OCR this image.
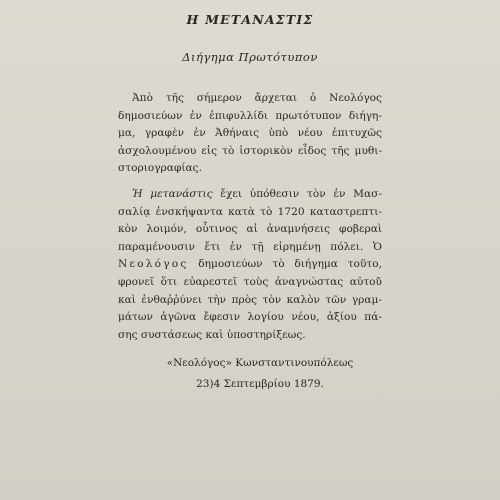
Η ΜΕΤΑΝΑΣΤΙΣ
Διήγημα Πρωτότυπον
Ἀπὸ τῆς σήμερον ἄρχεται ὁ Νεολόγος
δημοσιεύων ἐν ἐπιφυλλίδι πρωτότυπον διήγη-
μα, γραφὲν ἐν Ἀθήναις ὑπὸ νέου ἐπιτυχῶς
ἀσχολουμένου εἰς τὸ ἱστορικὸν εἶδος τῆς μυθι-
στοριογραφίας.
Ἡ μετανάστις ἔχει ὑπόθεσιν τὸν ἐν Μασ-
σαλίᾳ ἐνσκήψαντα κατὰ τὸ 1720 καταστρεπτι-
κὸν λοιμόν, οὗτινος αἱ ἀναμνήσεις φοβεραὶ
παραμένουσιν ἔτι ἐν τῇ εἰρημένῃ πόλει. Ὁ
Νεολόγος δημοσιεύων τὸ διήγημα τοῦτο,
φρονεῖ ὅτι εὐαρεστεῖ τοὺς ἀναγνώστας αὐτοῦ
καὶ ἐνθαῤῥύνει τὴν πρὸς τὸν καλὸν τῶν γραμ-
μάτων ἀγῶνα ἔφεσιν λογίου νέου, ἀξίου πά-
σης συστάσεως καὶ ὑποστηρίξεως.
«Νεολόγος» Κωνσταντινουπόλεως
23)4 Σεπτεμβρίου 1879.
